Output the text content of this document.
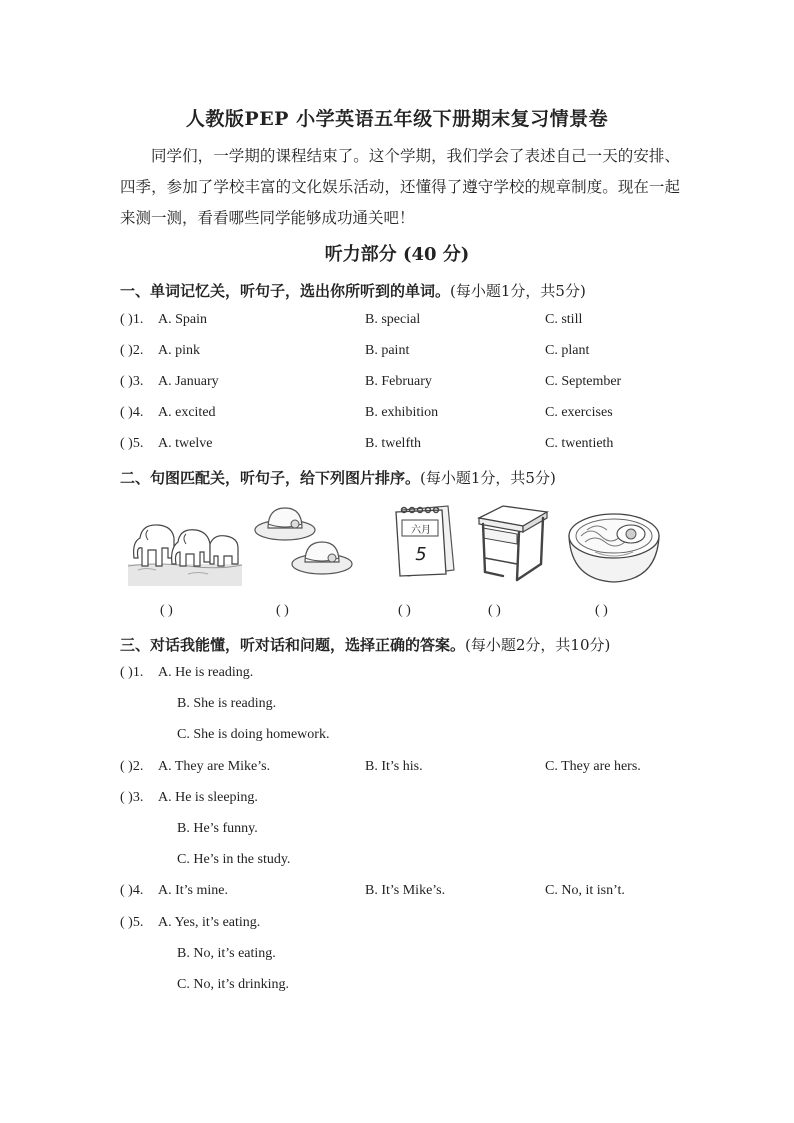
人教版PEP 小学英语五年级下册期末复习情景卷
同学们，一学期的课程结束了。这个学期，我们学会了表述自己一天的安排、四季，参加了学校丰富的文化娱乐活动，还懂得了遵守学校的规章制度。现在一起来测一测，看看哪些同学能够成功通关吧！
听力部分 (40 分)
一、单词记忆关，听句子，选出你所听到的单词。(每小题1分，共5分)
( )1. A. Spain	B. special	C. still
( )2. A. pink	B. paint	C. plant
( )3. A. January	B. February	C. September
( )4. A. excited	B. exhibition	C. exercises
( )5. A. twelve	B. twelfth	C. twentieth
二、句图匹配关，听句子，给下列图片排序。(每小题1分，共5分)
六月
5
( )	( )	( )	( )	( )
三、对话我能懂，听对话和问题，选择正确的答案。(每小题2分，共10分)
( )1. A. He is reading.
B. She is reading.
C. She is doing homework.
( )2. A. They are Mike’s.	B. It’s his.	C. They are hers.
( )3. A. He is sleeping.
B. He’s funny.
C. He’s in the study.
( )4. A. It’s mine.	B. It’s Mike’s.	C. No, it isn’t.
( )5. A. Yes, it’s eating.
B. No, it’s eating.
C. No, it’s drinking.
